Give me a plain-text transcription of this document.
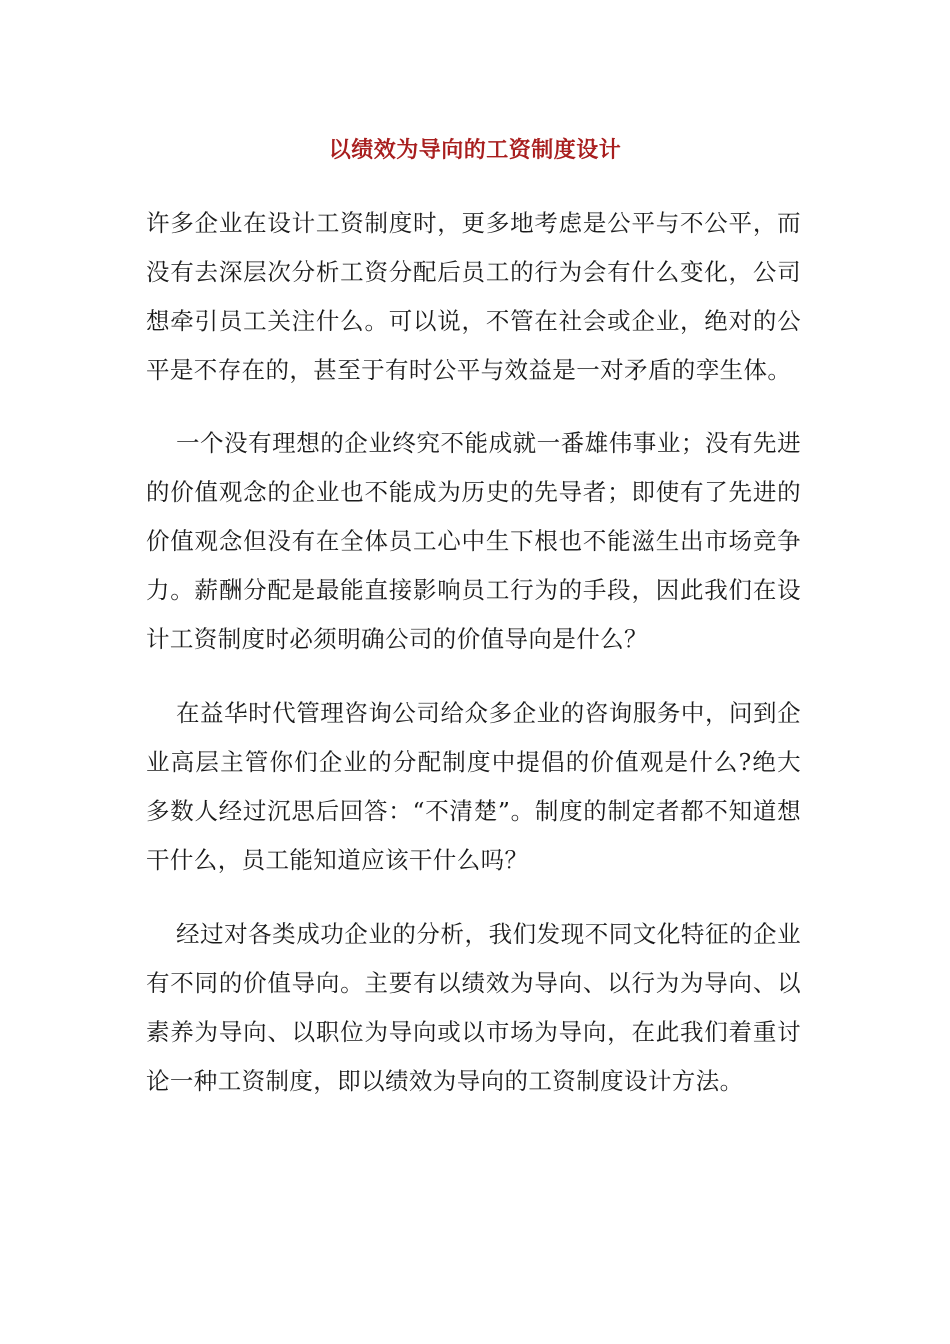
以绩效为导向的工资制度设计

许多企业在设计工资制度时，更多地考虑是公平与不公平，而没有去深层次分析工资分配后员工的行为会有什么变化，公司想牵引员工关注什么。可以说，不管在社会或企业，绝对的公平是不存在的，甚至于有时公平与效益是一对矛盾的孪生体。

一个没有理想的企业终究不能成就一番雄伟事业；没有先进的价值观念的企业也不能成为历史的先导者；即使有了先进的价值观念但没有在全体员工心中生下根也不能滋生出市场竞争力。薪酬分配是最能直接影响员工行为的手段，因此我们在设计工资制度时必须明确公司的价值导向是什么？

在益华时代管理咨询公司给众多企业的咨询服务中，问到企业高层主管你们企业的分配制度中提倡的价值观是什么?绝大多数人经过沉思后回答：“不清楚”。制度的制定者都不知道想干什么，员工能知道应该干什么吗？

经过对各类成功企业的分析，我们发现不同文化特征的企业有不同的价值导向。主要有以绩效为导向、以行为为导向、以素养为导向、以职位为导向或以市场为导向，在此我们着重讨论一种工资制度，即以绩效为导向的工资制度设计方法。
